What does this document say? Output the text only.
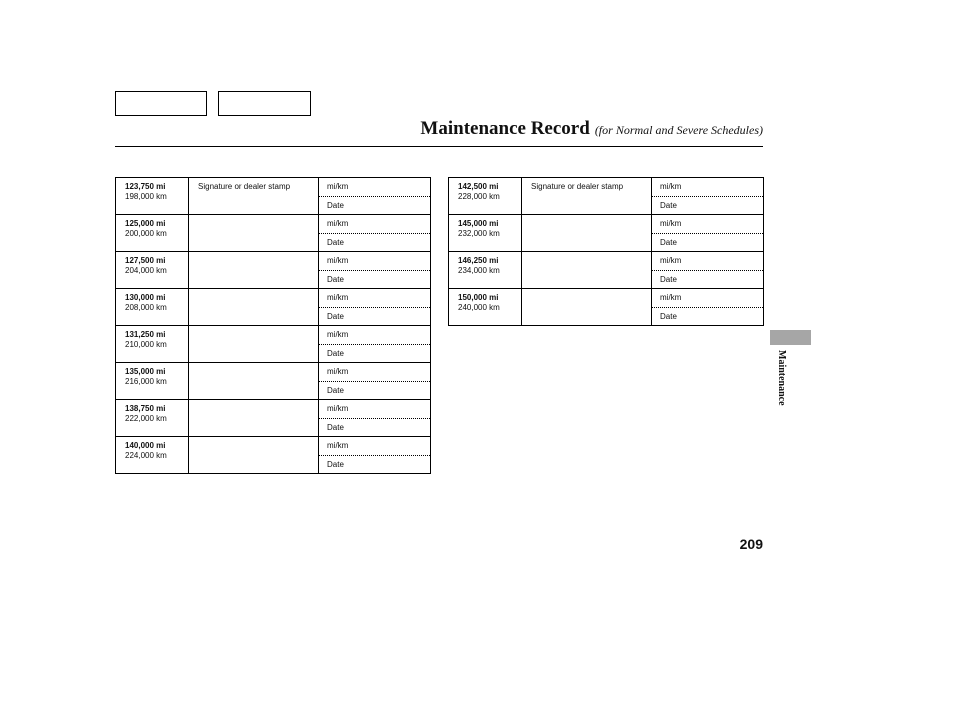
Maintenance Record (for Normal and Severe Schedules)
123,750 mi
198,000 km	Signature or dealer stamp	mi/km
		Date

125,000 mi
200,000 km		mi/km
		Date

127,500 mi
204,000 km		mi/km
		Date

130,000 mi
208,000 km		mi/km
		Date

131,250 mi
210,000 km		mi/km
		Date

135,000 mi
216,000 km		mi/km
		Date

138,750 mi
222,000 km		mi/km
		Date

140,000 mi
224,000 km		mi/km
		Date
142,500 mi
228,000 km	Signature or dealer stamp	mi/km
		Date

145,000 mi
232,000 km		mi/km
		Date

146,250 mi
234,000 km		mi/km
		Date

150,000 mi
240,000 km		mi/km
		Date
Maintenance
209
